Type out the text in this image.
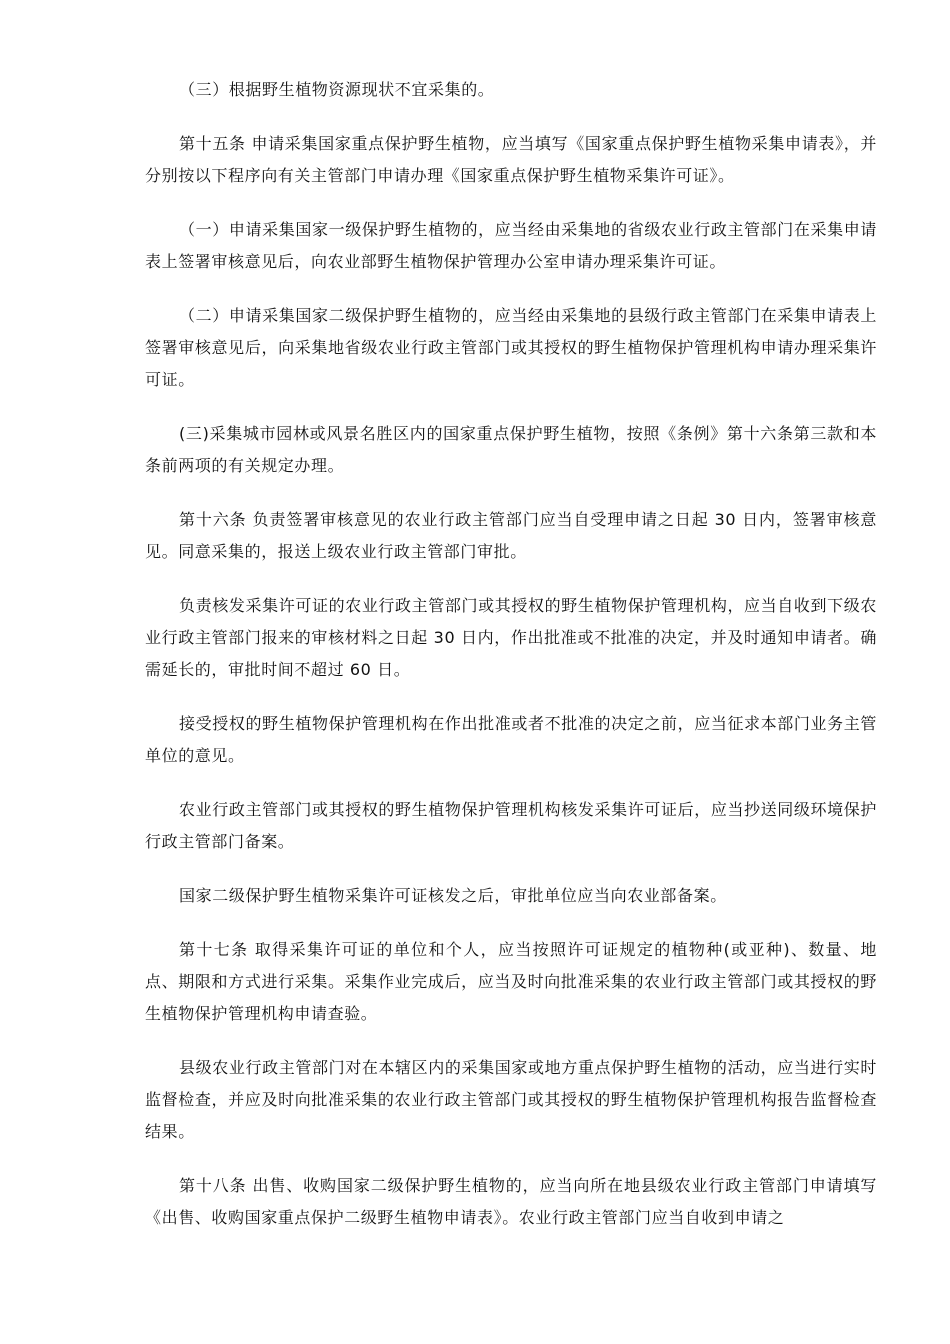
（三）根据野生植物资源现状不宜采集的。

第十五条 申请采集国家重点保护野生植物，应当填写《国家重点保护野生植物采集申请表》，并分别按以下程序向有关主管部门申请办理《国家重点保护野生植物采集许可证》。

（一）申请采集国家一级保护野生植物的，应当经由采集地的省级农业行政主管部门在采集申请表上签署审核意见后，向农业部野生植物保护管理办公室申请办理采集许可证。

（二）申请采集国家二级保护野生植物的，应当经由采集地的县级行政主管部门在采集申请表上签署审核意见后，向采集地省级农业行政主管部门或其授权的野生植物保护管理机构申请办理采集许可证。

(三)采集城市园林或风景名胜区内的国家重点保护野生植物，按照《条例》第十六条第三款和本条前两项的有关规定办理。

第十六条 负责签署审核意见的农业行政主管部门应当自受理申请之日起 30 日内，签署审核意见。同意采集的，报送上级农业行政主管部门审批。

负责核发采集许可证的农业行政主管部门或其授权的野生植物保护管理机构，应当自收到下级农业行政主管部门报来的审核材料之日起 30 日内，作出批准或不批准的决定，并及时通知申请者。确需延长的，审批时间不超过 60 日。

接受授权的野生植物保护管理机构在作出批准或者不批准的决定之前，应当征求本部门业务主管单位的意见。

农业行政主管部门或其授权的野生植物保护管理机构核发采集许可证后，应当抄送同级环境保护行政主管部门备案。

国家二级保护野生植物采集许可证核发之后，审批单位应当向农业部备案。

第十七条 取得采集许可证的单位和个人，应当按照许可证规定的植物种(或亚种)、数量、地点、期限和方式进行采集。采集作业完成后，应当及时向批准采集的农业行政主管部门或其授权的野生植物保护管理机构申请查验。

县级农业行政主管部门对在本辖区内的采集国家或地方重点保护野生植物的活动，应当进行实时监督检查，并应及时向批准采集的农业行政主管部门或其授权的野生植物保护管理机构报告监督检查结果。

第十八条 出售、收购国家二级保护野生植物的，应当向所在地县级农业行政主管部门申请填写《出售、收购国家重点保护二级野生植物申请表》。农业行政主管部门应当自收到申请之
